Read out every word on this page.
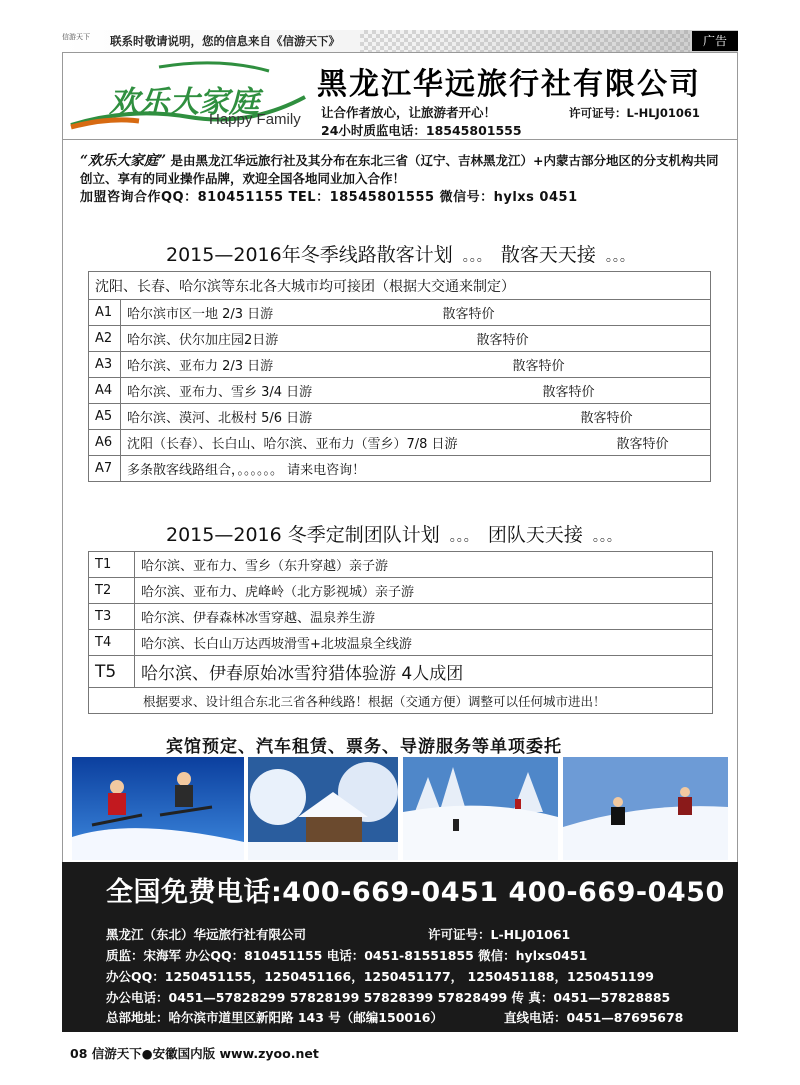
信游天下	联系时敬请说明，您的信息来自《信游天下》	广告
欢乐大家庭
Happy Family
黑龙江华远旅行社有限公司
让合作者放心，让旅游者开心！	许可证号：L-HLJ01061
24小时质监电话：18545801555
“欢乐大家庭” 是由黑龙江华远旅行社及其分布在东北三省（辽宁、吉林黑龙江）+内蒙古部分地区的分支机构共同创立、享有的同业操作品牌，欢迎全国各地同业加入合作！
加盟咨询合作QQ：810451155 TEL：18545801555 微信号：hylxs 0451
2015—2016年冬季线路散客计划 。。。 散客天天接 。。。
沈阳、长春、哈尔滨等东北各大城市均可接团（根据大交通来制定）	
A1	哈尔滨市区一地 2/3 日游 散客特价

A2	哈尔滨、伏尔加庄园2日游 散客特价

A3	哈尔滨、亚布力 2/3 日游 散客特价

A4	哈尔滨、亚布力、雪乡 3/4 日游 散客特价

A5	哈尔滨、漠河、北极村 5/6 日游 散客特价

A6	沈阳（长春）、长白山、哈尔滨、亚布力（雪乡）7/8 日游 散客特价

A7	多条散客线路组合，。。。。。。 请来电咨询！
2015—2016 冬季定制团队计划 。。。 团队天天接 。。。
T1	哈尔滨、亚布力、雪乡（东升穿越）亲子游
T2	哈尔滨、亚布力、虎峰岭（北方影视城）亲子游
T3	哈尔滨、伊春森林冰雪穿越、温泉养生游
T4	哈尔滨、长白山万达西坡滑雪+北坡温泉全线游
T5	哈尔滨、伊春原始冰雪狩猎体验游 4人成团
根据要求、设计组合东北三省各种线路！根据（交通方便）调整可以任何城市进出！	
宾馆预定、汽车租赁、票务、导游服务等单项委托
全国免费电话:400-669-0451 400-669-0450
黑龙江（东北）华远旅行社有限公司	许可证号：L-HLJ01061
质监：宋海军 办公QQ：810451155 电话：0451-81551855 微信：hylxs0451
办公QQ：1250451155，1250451166，1250451177， 1250451188，1250451199
办公电话：0451—57828299 57828199 57828399 57828499 传 真：0451—57828885
总部地址：哈尔滨市道里区新阳路 143 号（邮编150016）	直线电话：0451—87695678
08 信游天下●安徽国内版 www.zyoo.net
